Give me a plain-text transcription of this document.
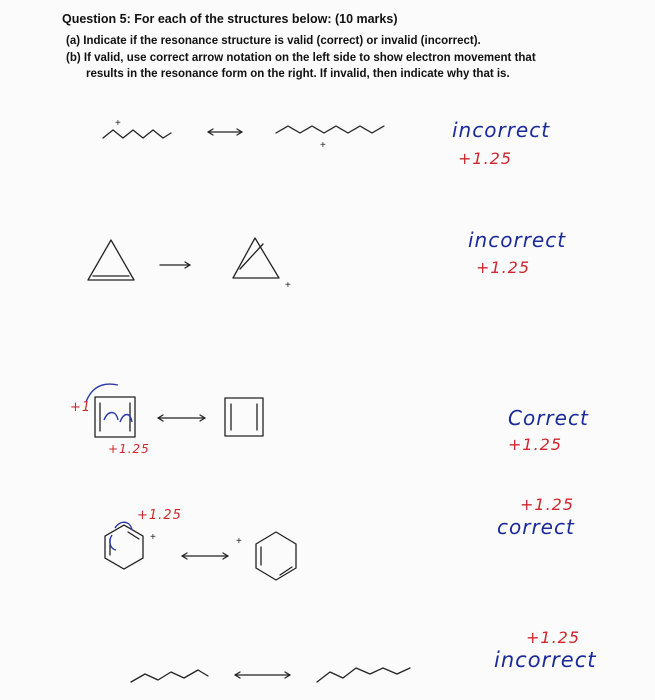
Question 5: For each of the structures below: (10 marks)
(a) Indicate if the resonance structure is valid (correct) or invalid (incorrect).
(b) If valid, use correct arrow notation on the left side to show electron movement that
results in the resonance form on the right. If invalid, then indicate why that is.
+
+
+
+	+
incorrect
+1.25
incorrect
+1.25
Correct
+1.25
+1.25
correct
+1.25
incorrect
+1
+1.25
+1.25
